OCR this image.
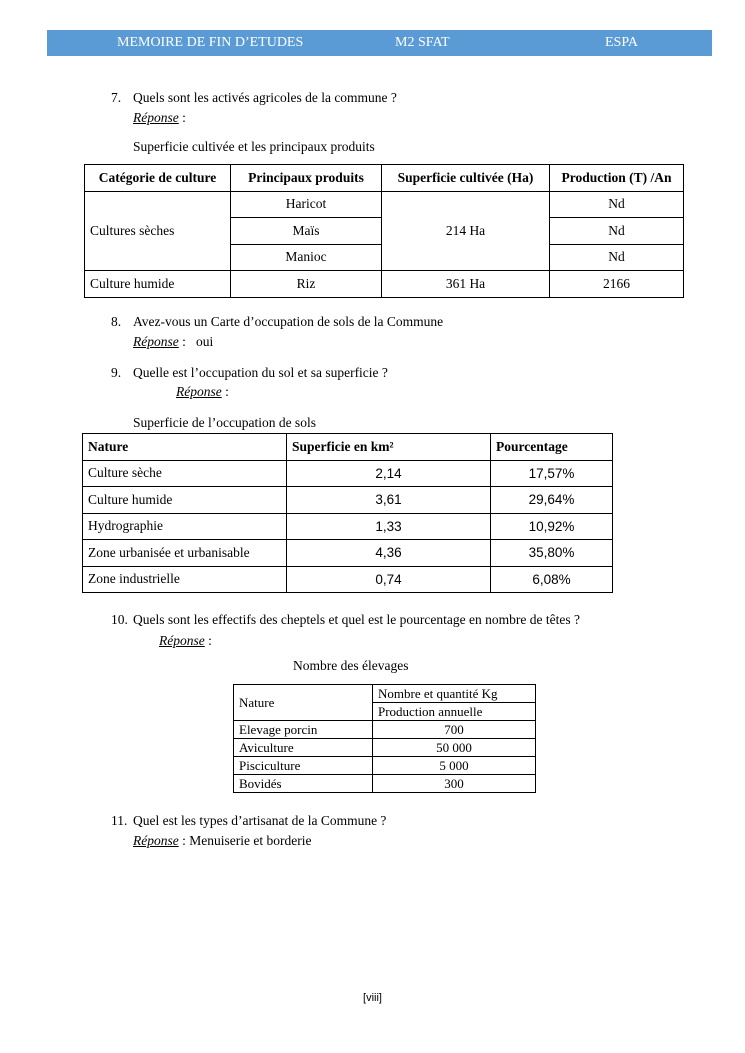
MEMOIRE DE FIN D’ETUDES	M2 SFAT	ESPA
7. Quels sont les activés agricoles de la commune ?
Réponse :
Superficie cultivée et les principaux produits
Catégorie de culture	Principaux produits	Superficie cultivée (Ha)	Production (T) /An
Cultures sèches	Haricot	214 Ha	Nd
	Maïs		Nd
	Manioc		Nd
Culture humide	Riz	361 Ha	2166
8. Avez-vous un Carte d’occupation de sols de la Commune
Réponse :   oui
9. Quelle est l’occupation du sol et sa superficie ?
Réponse :
Superficie de l’occupation de sols
Nature	Superficie en km²	Pourcentage
Culture sèche	2,14	17,57%
Culture humide	3,61	29,64%
Hydrographie	1,33	10,92%
Zone urbanisée et urbanisable	4,36	35,80%
Zone industrielle	0,74	6,08%
10. Quels sont les effectifs des cheptels et quel est le pourcentage en nombre de têtes ?
Réponse :
Nombre des élevages
Nature	Nombre et quantité Kg
	Production annuelle
Elevage porcin	700
Aviculture	50 000
Pisciculture	5 000
Bovidés	300
11. Quel est les types d’artisanat de la Commune ?
Réponse : Menuiserie et borderie
[viii]
